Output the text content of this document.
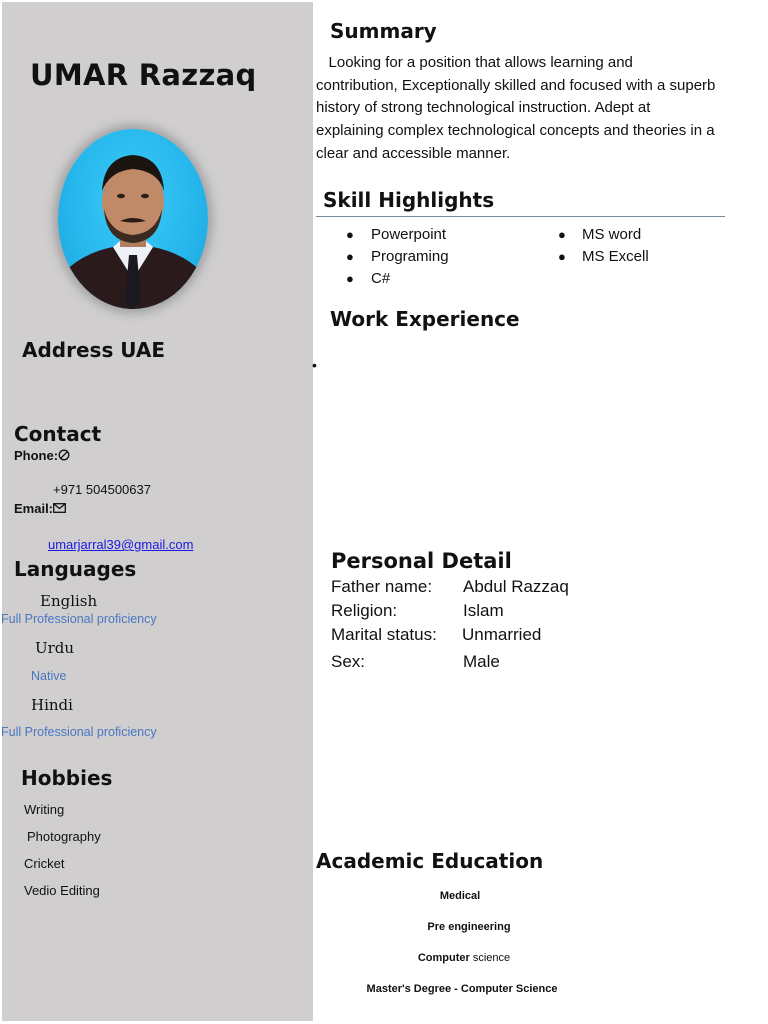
UMAR Razzaq
Address UAE
Contact
Phone:
+971 504500637
Email:
umarjarral39@gmail.com
Languages
English
Full Professional proficiency
Urdu
Native
Hindi
Full Professional proficiency
Hobbies
Writing
Photography
Cricket
Vedio Editing
Summary
Looking for a position that allows learning and contribution, Exceptionally skilled and focused with a superb history of strong technological instruction. Adept at explaining complex technological concepts and theories in a clear and accessible manner.
Skill Highlights
● Powerpoint
● Programing
● C#
● MS word
● MS Excell
Work Experience
•
Personal Detail
Father name: Abdul Razzaq
Religion:	Islam
Marital status: Unmarried
Sex:	Male
Academic Education
Medical
Pre engineering
Computer science
Master's Degree - Computer Science
